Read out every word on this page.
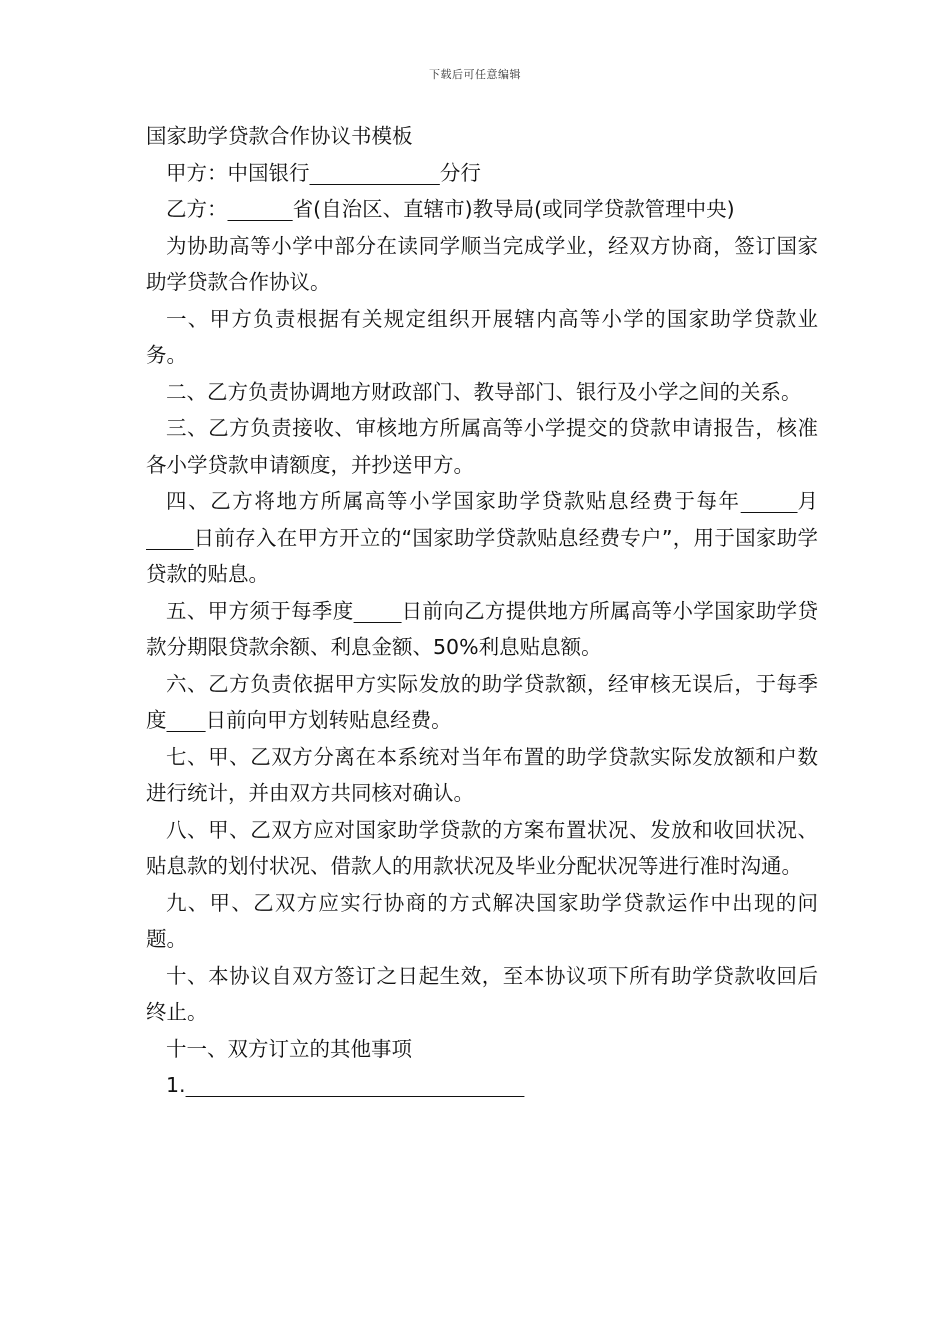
下载后可任意编辑

国家助学贷款合作协议书模板

甲方：中国银行	分行

乙方：	省(自治区、直辖市)教导局(或同学贷款管理中央)

为协助高等小学中部分在读同学顺当完成学业，经双方协商，签订国家助学贷款合作协议。

一、甲方负责根据有关规定组织开展辖内高等小学的国家助学贷款业务。

二、乙方负责协调地方财政部门、教导部门、银行及小学之间的关系。

三、乙方负责接收、审核地方所属高等小学提交的贷款申请报告，核准各小学贷款申请额度，并抄送甲方。

四、乙方将地方所属高等小学国家助学贷款贴息经费于每年	月       日前存入在甲方开立的“国家助学贷款贴息经费专户”，用于国家助学贷款的贴息。

五、甲方须于每季度 日前向乙方提供地方所属高等小学国家助学贷款分期限贷款余额、利息金额、50%利息贴息额。

六、乙方负责依据甲方实际发放的助学贷款额，经审核无误后，于每季度 日前向甲方划转贴息经费。

七、甲、乙双方分离在本系统对当年布置的助学贷款实际发放额和户数进行统计，并由双方共同核对确认。

八、甲、乙双方应对国家助学贷款的方案布置状况、发放和收回状况、贴息款的划付状况、借款人的用款状况及毕业分配状况等进行准时沟通。

九、甲、乙双方应实行协商的方式解决国家助学贷款运作中出现的问题。

十、本协议自双方签订之日起生效，至本协议项下所有助学贷款收回后终止。

十一、双方订立的其他事项

1.
